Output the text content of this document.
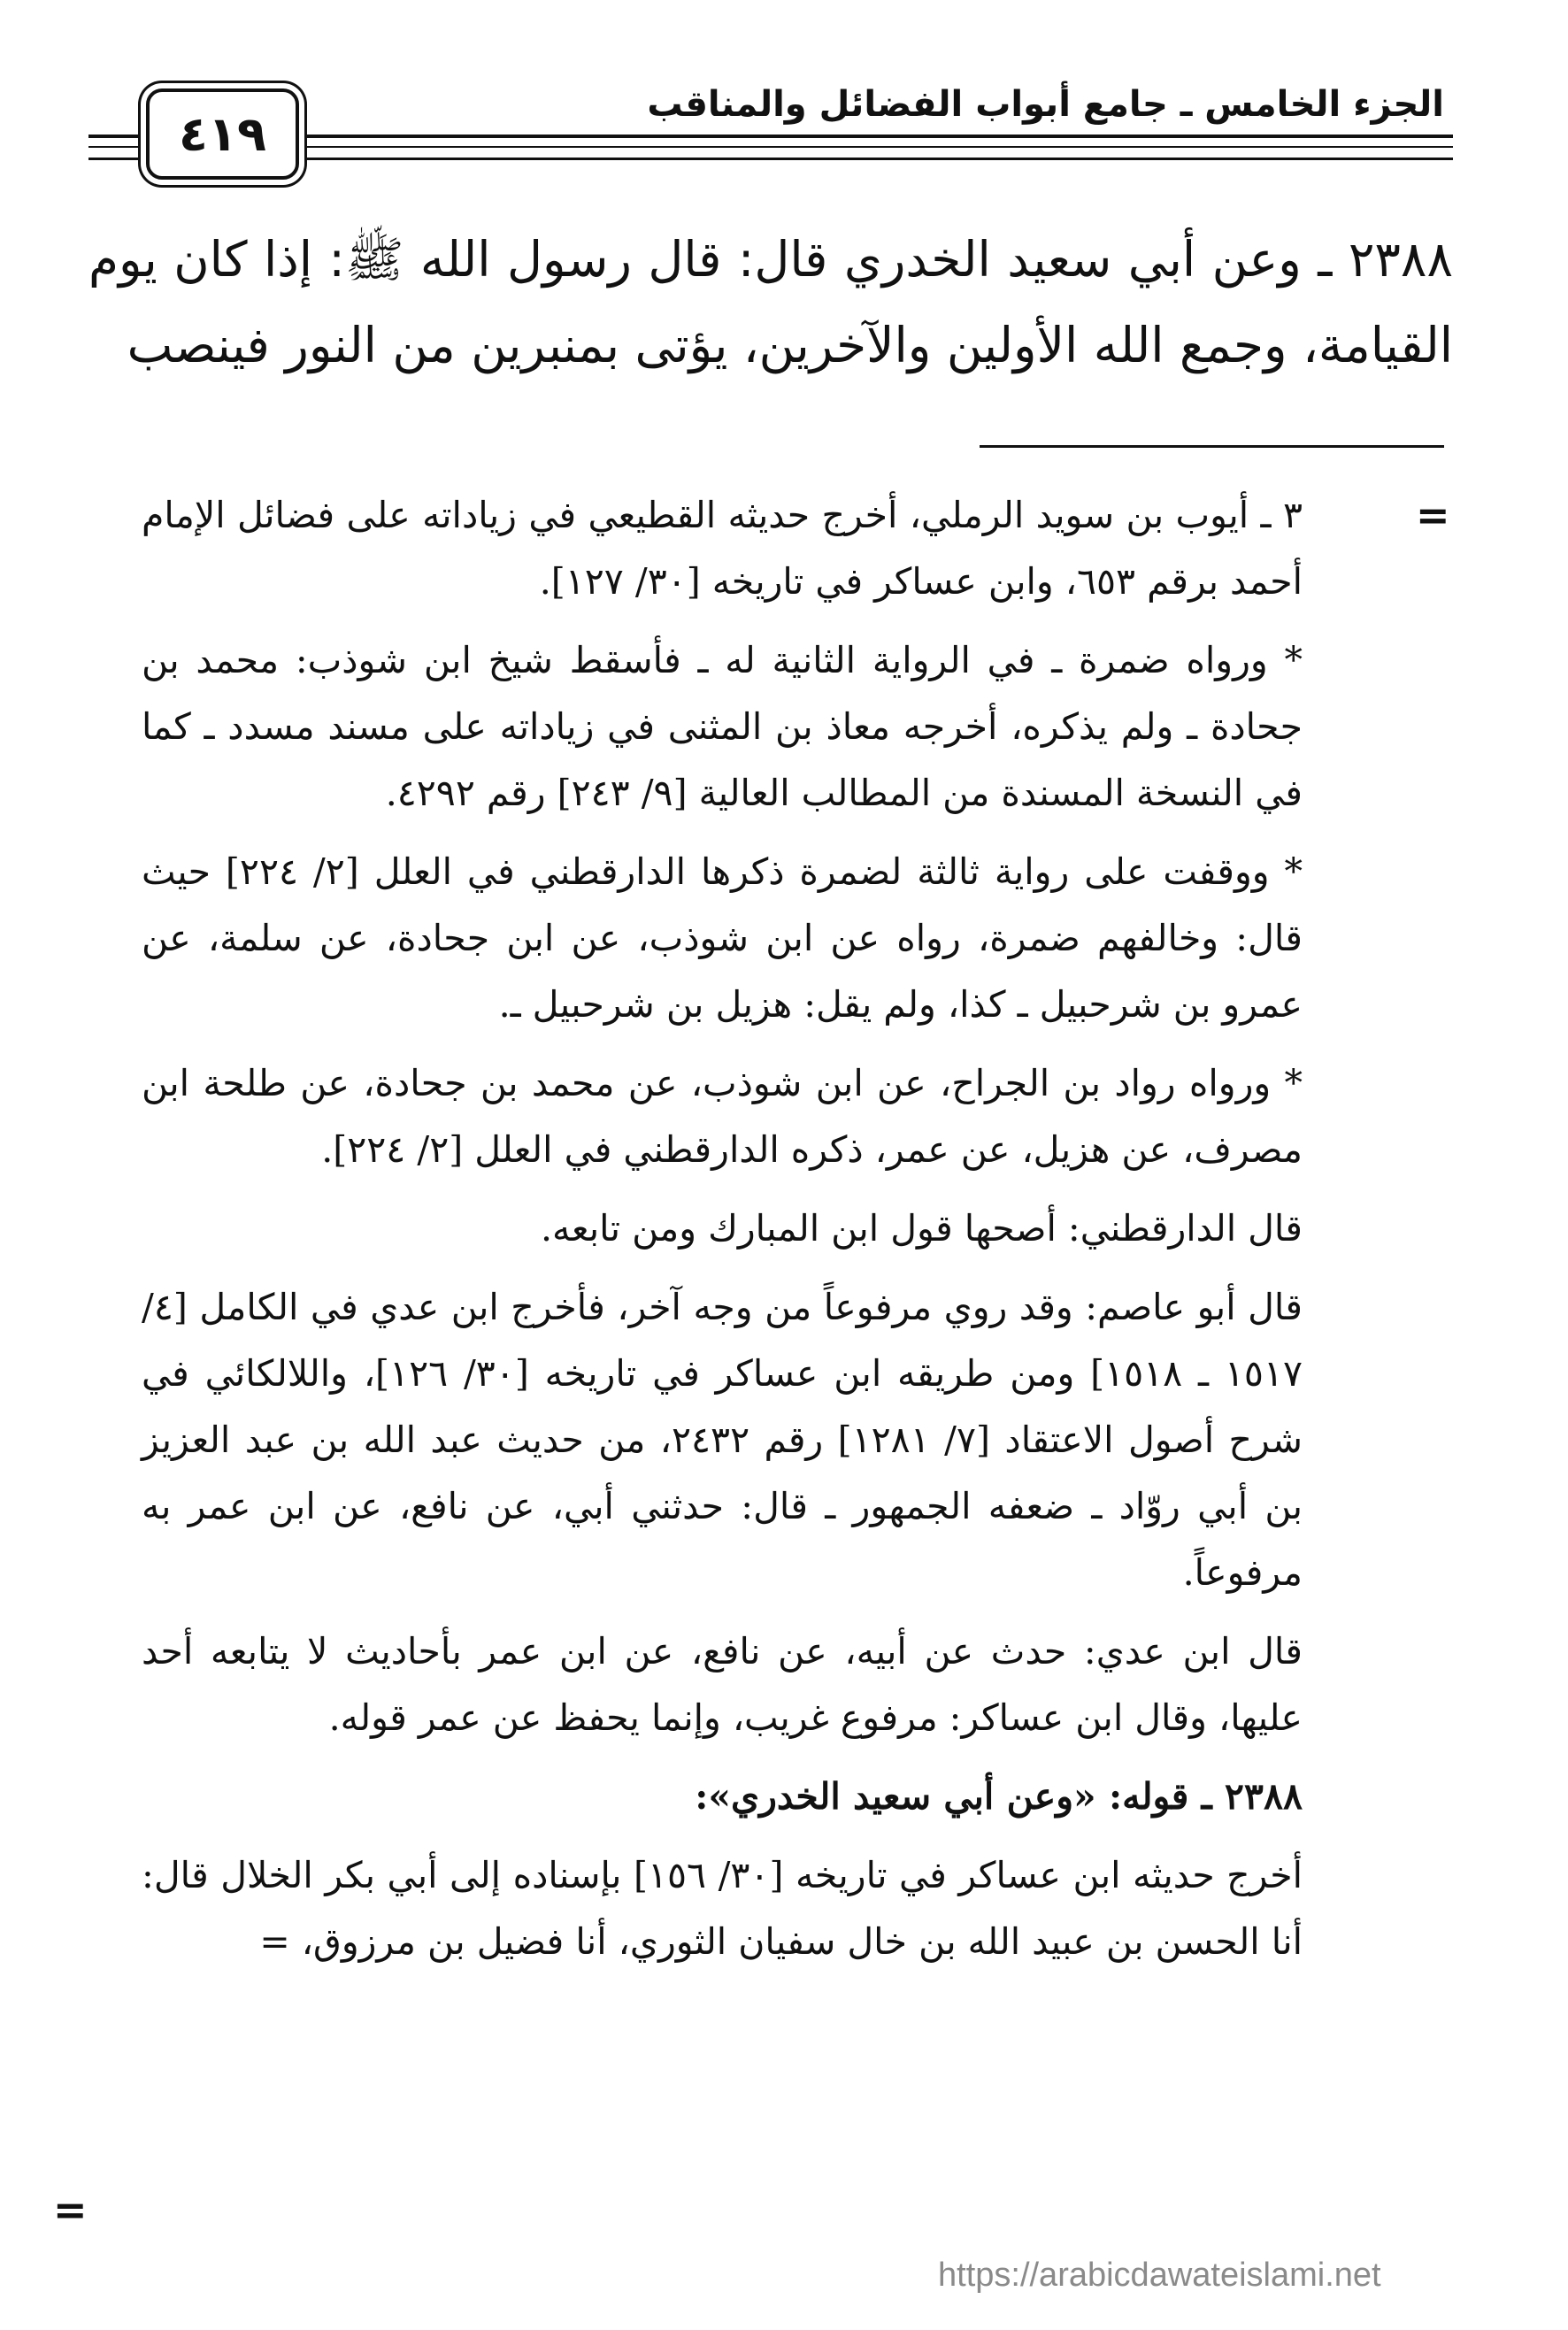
الجزء الخامس ـ جامع أبواب الفضائل والمناقب
٤١٩

٢٣٨٨ ـ وعن أبي سعيد الخدري قال: قال رسول الله ﷺ: إذا كان يوم القيامة، وجمع الله الأولين والآخرين، يؤتى بمنبرين من النور فينصب

=

٣ ـ أيوب بن سويد الرملي، أخرج حديثه القطيعي في زياداته على فضائل الإمام أحمد برقم ٦٥٣، وابن عساكر في تاريخه [٣٠/ ١٢٧].

* ورواه ضمرة ـ في الرواية الثانية له ـ فأسقط شيخ ابن شوذب: محمد بن جحادة ـ ولم يذكره، أخرجه معاذ بن المثنى في زياداته على مسند مسدد ـ كما في النسخة المسندة من المطالب العالية [٩/ ٢٤٣] رقم ٤٢٩٢.

* ووقفت على رواية ثالثة لضمرة ذكرها الدارقطني في العلل [٢/ ٢٢٤] حيث قال: وخالفهم ضمرة، رواه عن ابن شوذب، عن ابن جحادة، عن سلمة، عن عمرو بن شرحبيل ـ كذا، ولم يقل: هزيل بن شرحبيل ـ.

* ورواه رواد بن الجراح، عن ابن شوذب، عن محمد بن جحادة، عن طلحة ابن مصرف، عن هزيل، عن عمر، ذكره الدارقطني في العلل [٢/ ٢٢٤].

قال الدارقطني: أصحها قول ابن المبارك ومن تابعه.

قال أبو عاصم: وقد روي مرفوعاً من وجه آخر، فأخرج ابن عدي في الكامل [٤/ ١٥١٧ ـ ١٥١٨] ومن طريقه ابن عساكر في تاريخه [٣٠/ ١٢٦]، واللالكائي في شرح أصول الاعتقاد [٧/ ١٢٨١] رقم ٢٤٣٢، من حديث عبد الله بن عبد العزيز بن أبي روّاد ـ ضعفه الجمهور ـ قال: حدثني أبي، عن نافع، عن ابن عمر به مرفوعاً.

قال ابن عدي: حدث عن أبيه، عن نافع، عن ابن عمر بأحاديث لا يتابعه أحد عليها، وقال ابن عساكر: مرفوع غريب، وإنما يحفظ عن عمر قوله.

٢٣٨٨ ـ قوله: «وعن أبي سعيد الخدري»:

أخرج حديثه ابن عساكر في تاريخه [٣٠/ ١٥٦] بإسناده إلى أبي بكر الخلال قال: أنا الحسن بن عبيد الله بن خال سفيان الثوري، أنا فضيل بن مرزوق، =

=
https://arabicdawateislami.net
